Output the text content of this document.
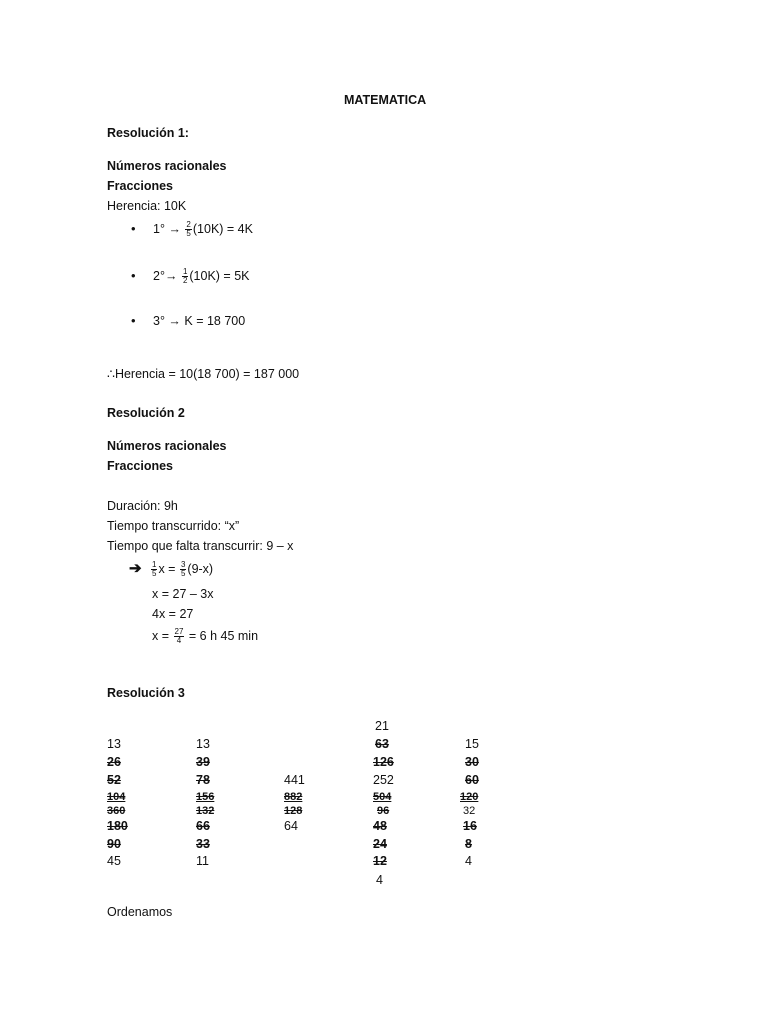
MATEMATICA
Resolución 1:
Números racionales
Fracciones
Herencia: 10K
• $1^\circ \to \frac{2}{5} (10K) = 4K$
• $2^\circ\to \frac{1}{2} (10K) = 5K$
• 3° → K = 18 700
∴Herencia = 10(18 700) = 187 000
Resolución 2
Números racionales
Fracciones
Duración: 9h
Tiempo transcurrido: “x”
Tiempo que falta transcurrir: 9 – x
➔ $\frac{1}{5}$ $x = \frac{3}{5} (9-x)$
x = 27 – 3x
4x = 27
$x = \frac{27}{4} = 6$ h 45 min
Resolución 3
13
26
52
104
360
180
90
45
13
39
78
156
132
66
33
11
441
882
128
64
21
63
126
252
504
96
48
24
12
4
15
30
60
120
32
16
8
4
Ordenamos
